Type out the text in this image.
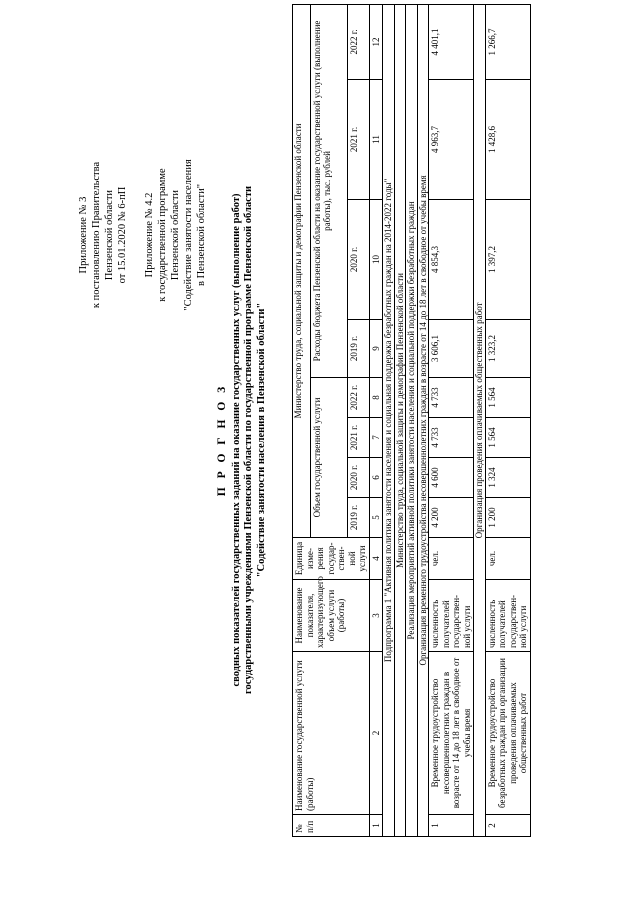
Приложение № 3 к постановлению Правительства Пензенской области от 15.01.2020 № 6-пП Приложение № 4.2 к государственной программе Пензенской области "Содействие занятости населения в Пензенской области"
П Р О Г Н О З сводных показателей государственных заданий на оказание государственных услуг (выполнение работ) государственными учреждениями Пензенской области по государственной программе Пензенской области "Содействие занятости населения в Пензенской области"
№ п/п	Наименование государственной услуги (работы)	Наименование показателя, характеризующего объем услуги (работы)	Единица изме-рения государ-ствен-ной услуги	Министерство труда, социальной защиты и демографии Пензенской области							
				Объем государственной услуги				Расходы бюджета Пензенской области на оказание государственной услуги (выполнение работы), тыс. рублей			
				2019 г.	2020 г.	2021 г.	2022 г.	2019 г.	2020 г.	2021 г.	2022 г.
1	2	3	4	5	6	7	8	9	10	11	12
Подпрограмма 1 "Активная политика занятости населения и социальная поддержка безработных граждан на 2014-2022 годы"											
Министерство труда, социальной защиты и демографии Пензенской области											
Реализация мероприятий активной политики занятости населения и социальной поддержки безработных граждан											
Организация временного трудоустройства несовершеннолетних граждан в возрасте от 14 до 18 лет в свободное от учебы время											
1	Временное трудоустройство несовершеннолетних граждан в возрасте от 14 до 18 лет в свободное от учебы время	численность получателей государствен-ной услуги	чел.	4 200	4 600	4 733	4 733	3 606,1	4 854,3	4 963,7	4 401,1
Организация проведения оплачиваемых общественных работ											
2	Временное трудоустройство безработных граждан при организации проведения оплачиваемых общественных работ	численность получателей государствен-ной услуги	чел.	1 200	1 324	1 564	1 564	1 323,2	1 397,2	1 428,6	1 266,7
